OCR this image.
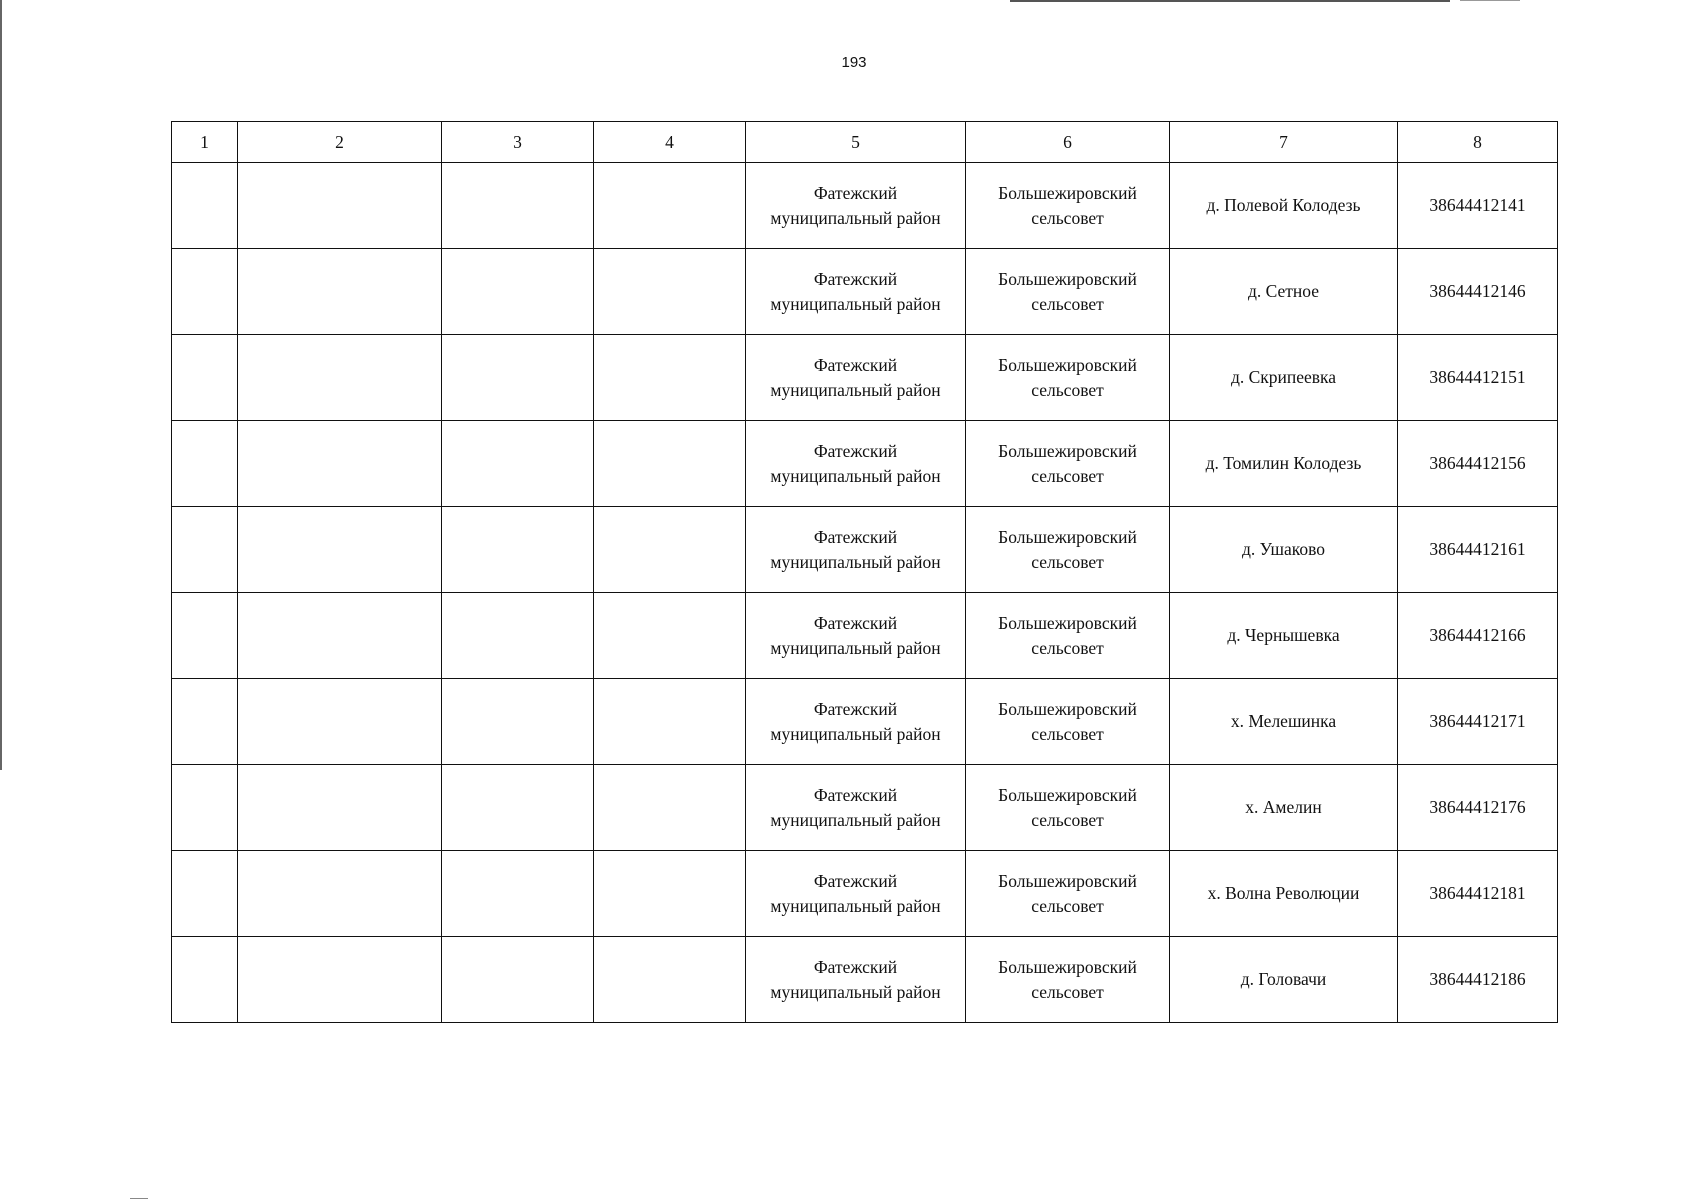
193
1	2	3	4	5	6	7	8
				Фатежский
муниципальный район	Большежировский
сельсовет	д. Полевой Колодезь	38644412141
				Фатежский
муниципальный район	Большежировский
сельсовет	д. Сетное	38644412146
				Фатежский
муниципальный район	Большежировский
сельсовет	д. Скрипеевка	38644412151
				Фатежский
муниципальный район	Большежировский
сельсовет	д. Томилин Колодезь	38644412156
				Фатежский
муниципальный район	Большежировский
сельсовет	д. Ушаково	38644412161
				Фатежский
муниципальный район	Большежировский
сельсовет	д. Чернышевка	38644412166
				Фатежский
муниципальный район	Большежировский
сельсовет	х. Мелешинка	38644412171
				Фатежский
муниципальный район	Большежировский
сельсовет	х. Амелин	38644412176
				Фатежский
муниципальный район	Большежировский
сельсовет	х. Волна Революции	38644412181
				Фатежский
муниципальный район	Большежировский
сельсовет	д. Головачи	38644412186
